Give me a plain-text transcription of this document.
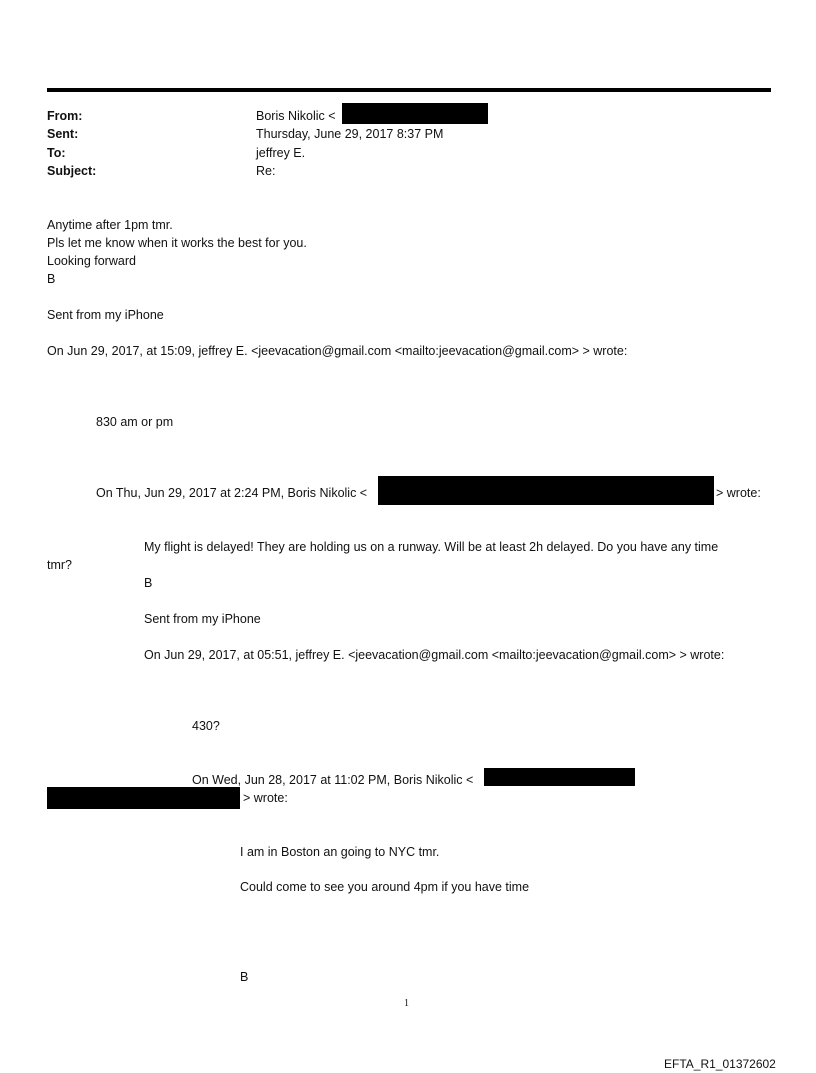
From:	Boris Nikolic <
Sent:	Thursday, June 29, 2017 8:37 PM
To:	jeffrey E.
Subject:	Re:
Anytime after 1pm tmr.
Pls let me know when it works the best for you.
Looking forward
B
Sent from my iPhone
On Jun 29, 2017, at 15:09, jeffrey E. <jeevacation@gmail.com <mailto:jeevacation@gmail.com> > wrote:
830 am or pm
On Thu, Jun 29, 2017 at 2:24 PM, Boris Nikolic <	> wrote:
My flight is delayed! They are holding us on a runway. Will be at least 2h delayed. Do you have any time
tmr?
B
Sent from my iPhone
On Jun 29, 2017, at 05:51, jeffrey E. <jeevacation@gmail.com <mailto:jeevacation@gmail.com> > wrote:
430?
On Wed, Jun 28, 2017 at 11:02 PM, Boris Nikolic <
> wrote:
I am in Boston an going to NYC tmr.
Could come to see you around 4pm if you have time
B
1
EFTA_R1_01372602
